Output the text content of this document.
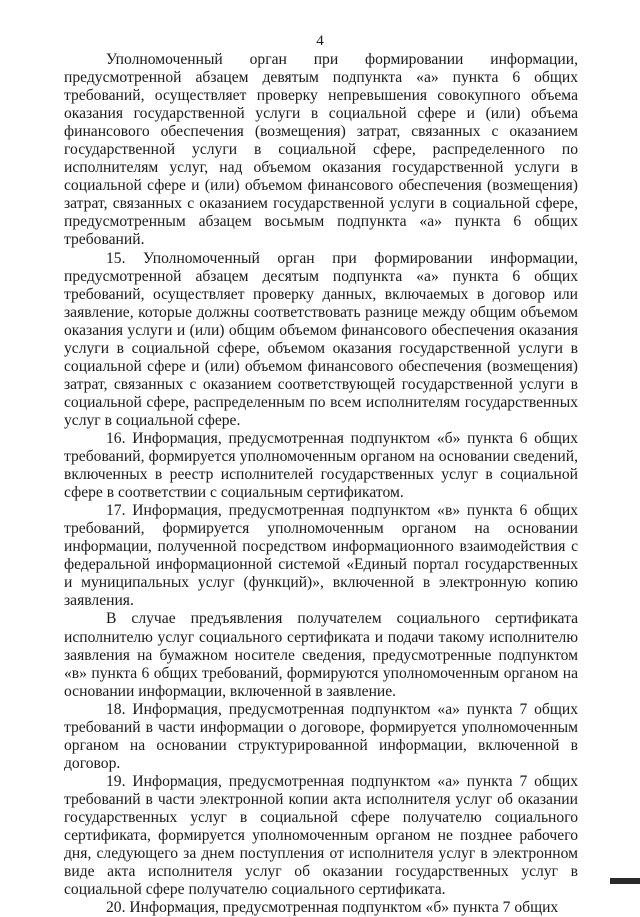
4

Уполномоченный орган при формировании информации, предусмотренной абзацем девятым подпункта «а» пункта 6 общих требований, осуществляет проверку непревышения совокупного объема оказания государственной услуги в социальной сфере и (или) объема финансового обеспечения (возмещения) затрат, связанных с оказанием государственной услуги в социальной сфере, распределенного по исполнителям услуг, над объемом оказания государственной услуги в социальной сфере и (или) объемом финансового обеспечения (возмещения) затрат, связанных с оказанием государственной услуги в социальной сфере, предусмотренным абзацем восьмым подпункта «а» пункта 6 общих требований.

15. Уполномоченный орган при формировании информации, предусмотренной абзацем десятым подпункта «а» пункта 6 общих требований, осуществляет проверку данных, включаемых в договор или заявление, которые должны соответствовать разнице между общим объемом оказания услуги и (или) общим объемом финансового обеспечения оказания услуги в социальной сфере, объемом оказания государственной услуги в социальной сфере и (или) объемом финансового обеспечения (возмещения) затрат, связанных с оказанием соответствующей государственной услуги в социальной сфере, распределенным по всем исполнителям государственных услуг в социальной сфере.

16. Информация, предусмотренная подпунктом «б» пункта 6 общих требований, формируется уполномоченным органом на основании сведений, включенных в реестр исполнителей государственных услуг в социальной сфере в соответствии с социальным сертификатом.

17. Информация, предусмотренная подпунктом «в» пункта 6 общих требований, формируется уполномоченным органом на основании информации, полученной посредством информационного взаимодействия с федеральной информационной системой «Единый портал государственных и муниципальных услуг (функций)», включенной в электронную копию заявления.

В случае предъявления получателем социального сертификата исполнителю услуг социального сертификата и подачи такому исполнителю заявления на бумажном носителе сведения, предусмотренные подпунктом «в» пункта 6 общих требований, формируются уполномоченным органом на основании информации, включенной в заявление.

18. Информация, предусмотренная подпунктом «а» пункта 7 общих требований в части информации о договоре, формируется уполномоченным органом на основании структурированной информации, включенной в договор.

19. Информация, предусмотренная подпунктом «а» пункта 7 общих требований в части электронной копии акта исполнителя услуг об оказании государственных услуг в социальной сфере получателю социального сертификата, формируется уполномоченным органом не позднее рабочего дня, следующего за днем поступления от исполнителя услуг в электронном виде акта исполнителя услуг об оказании государственных услуг в социальной сфере получателю социального сертификата.

20. Информация, предусмотренная подпунктом «б» пункта 7 общих
